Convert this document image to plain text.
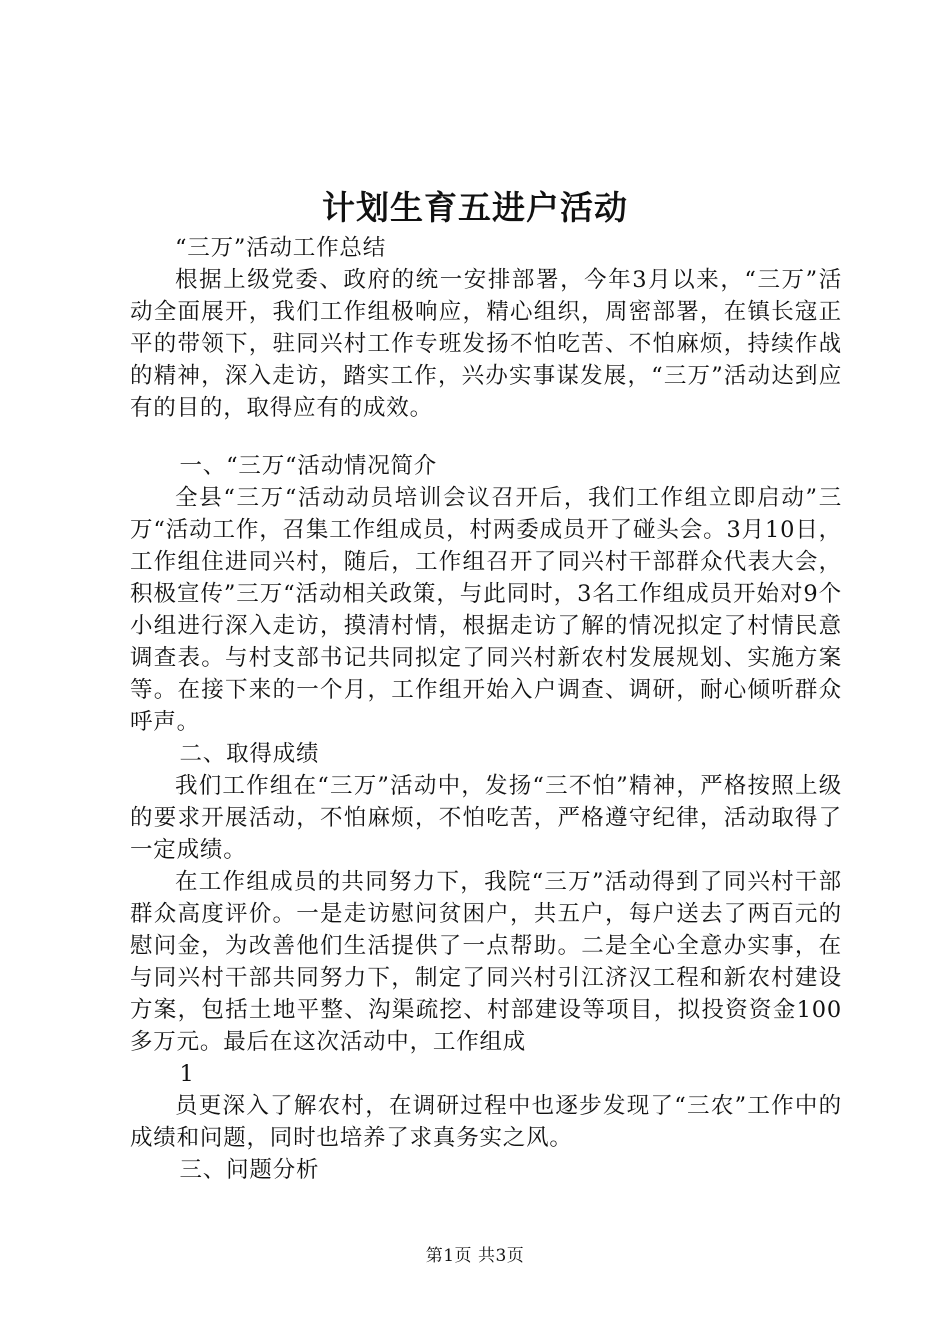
计划生育五进户活动

“三万”活动工作总结

根据上级党委、政府的统一安排部署，今年3月以来，“三万”活动全面展开，我们工作组极响应，精心组织，周密部署，在镇长寇正平的带领下，驻同兴村工作专班发扬不怕吃苦、不怕麻烦，持续作战的精神，深入走访，踏实工作，兴办实事谋发展，“三万”活动达到应有的目的，取得应有的成效。

一、“三万“活动情况简介

全县“三万“活动动员培训会议召开后，我们工作组立即启动”三万“活动工作，召集工作组成员，村两委成员开了碰头会。3月10日，工作组住进同兴村，随后，工作组召开了同兴村干部群众代表大会，积极宣传”三万“活动相关政策，与此同时，3名工作组成员开始对9个小组进行深入走访，摸清村情，根据走访了解的情况拟定了村情民意调查表。与村支部书记共同拟定了同兴村新农村发展规划、实施方案等。在接下来的一个月，工作组开始入户调查、调研，耐心倾听群众呼声。

二、取得成绩

我们工作组在“三万”活动中，发扬“三不怕”精神，严格按照上级的要求开展活动，不怕麻烦，不怕吃苦，严格遵守纪律，活动取得了一定成绩。

在工作组成员的共同努力下，我院“三万”活动得到了同兴村干部群众高度评价。一是走访慰问贫困户，共五户，每户送去了两百元的慰问金，为改善他们生活提供了一点帮助。二是全心全意办实事，在与同兴村干部共同努力下，制定了同兴村引江济汉工程和新农村建设方案，包括土地平整、沟渠疏挖、村部建设等项目，拟投资资金100多万元。最后在这次活动中，工作组成

1

员更深入了解农村，在调研过程中也逐步发现了“三农”工作中的成绩和问题，同时也培养了求真务实之风。

三、问题分析

第1页 共3页
